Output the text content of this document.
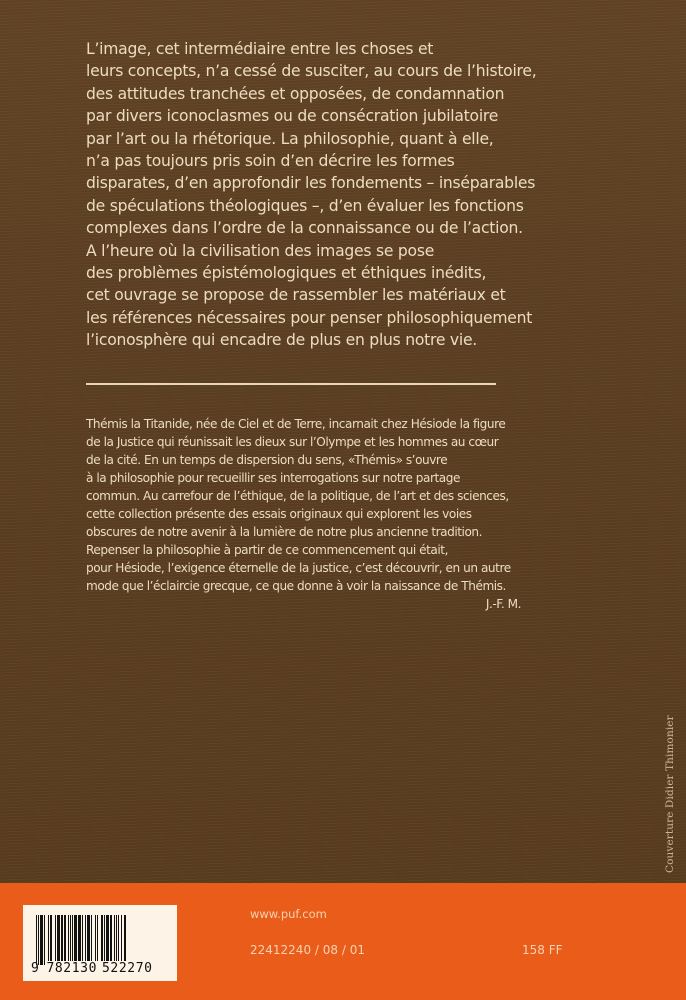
L’image, cet intermédiaire entre les choses et
leurs concepts, n’a cessé de susciter, au cours de l’histoire,
des attitudes tranchées et opposées, de condamnation
par divers iconoclasmes ou de consécration jubilatoire
par l’art ou la rhétorique. La philosophie, quant à elle,
n’a pas toujours pris soin d’en décrire les formes
disparates, d’en approfondir les fondements – inséparables
de spéculations théologiques –, d’en évaluer les fonctions
complexes dans l’ordre de la connaissance ou de l’action.
A l’heure où la civilisation des images se pose
des problèmes épistémologiques et éthiques inédits,
cet ouvrage se propose de rassembler les matériaux et
les références nécessaires pour penser philosophiquement
l’iconosphère qui encadre de plus en plus notre vie.
Thémis la Titanide, née de Ciel et de Terre, incarnait chez Hésiode la figure
de la Justice qui réunissait les dieux sur l’Olympe et les hommes au cœur
de la cité. En un temps de dispersion du sens, «Thémis» s’ouvre
à la philosophie pour recueillir ses interrogations sur notre partage
commun. Au carrefour de l’éthique, de la politique, de l’art et des sciences,
cette collection présente des essais originaux qui explorent les voies
obscures de notre avenir à la lumière de notre plus ancienne tradition.
Repenser la philosophie à partir de ce commencement qui était,
pour Hésiode, l’exigence éternelle de la justice, c’est découvrir, en un autre
mode que l’éclaircie grecque, ce que donne à voir la naissance de Thémis.
J.-F. M.
Couverture Didier Thimonier
9 782130 522270
www.puf.com
22412240 / 08 / 01	158 FF
